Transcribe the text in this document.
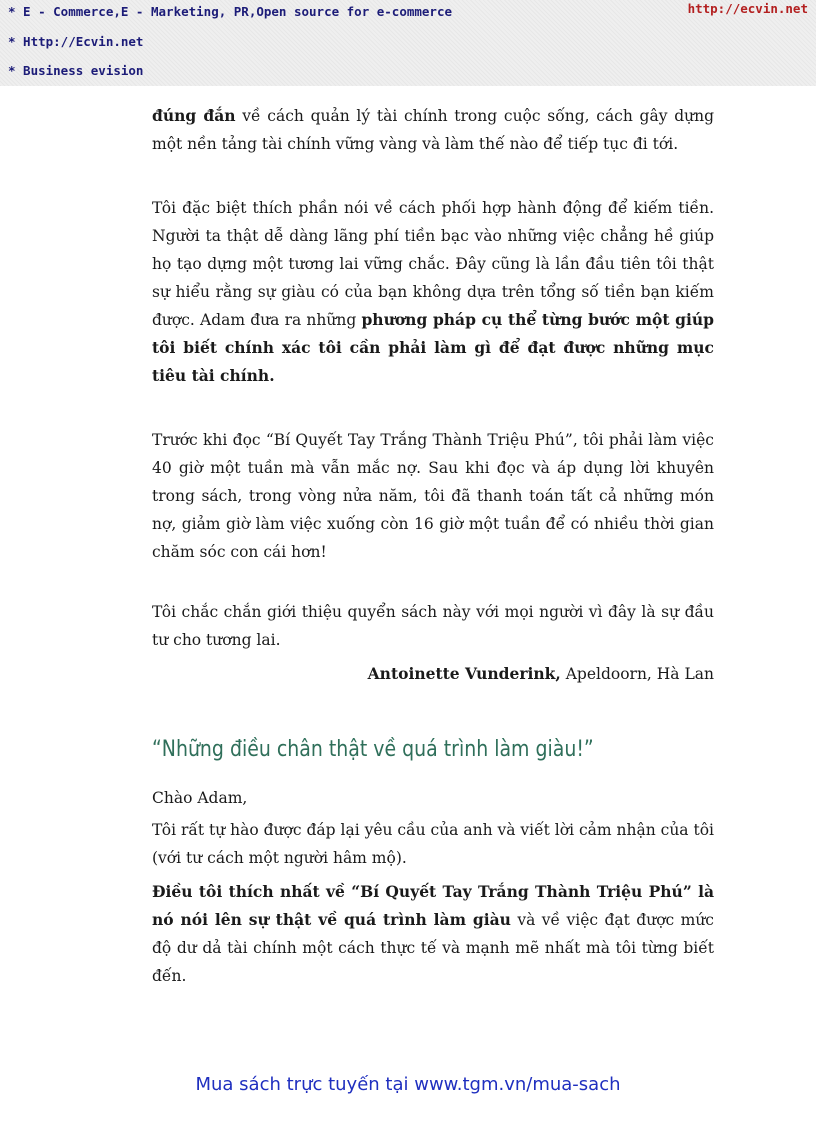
* E - Commerce,E - Marketing, PR,Open source for e-commerce
* Http://Ecvin.net
* Business evision
http://ecvin.net

đúng đắn về cách quản lý tài chính trong cuộc sống, cách gây dựng một nền tảng tài chính vững vàng và làm thế nào để tiếp tục đi tới.

Tôi đặc biệt thích phần nói về cách phối hợp hành động để kiếm tiền. Người ta thật dễ dàng lãng phí tiền bạc vào những việc chẳng hề giúp họ tạo dựng một tương lai vững chắc. Đây cũng là lần đầu tiên tôi thật sự hiểu rằng sự giàu có của bạn không dựa trên tổng số tiền bạn kiếm được. Adam đưa ra những phương pháp cụ thể từng bước một giúp tôi biết chính xác tôi cần phải làm gì để đạt được những mục tiêu tài chính.

Trước khi đọc “Bí Quyết Tay Trắng Thành Triệu Phú”, tôi phải làm việc 40 giờ một tuần mà vẫn mắc nợ. Sau khi đọc và áp dụng lời khuyên trong sách, trong vòng nửa năm, tôi đã thanh toán tất cả những món nợ, giảm giờ làm việc xuống còn 16 giờ một tuần để có nhiều thời gian chăm sóc con cái hơn!

Tôi chắc chắn giới thiệu quyển sách này với mọi người vì đây là sự đầu tư cho tương lai.

Antoinette Vunderink, Apeldoorn, Hà Lan
“Những điều chân thật về quá trình làm giàu!”

Chào Adam,

Tôi rất tự hào được đáp lại yêu cầu của anh và viết lời cảm nhận của tôi (với tư cách một người hâm mộ).

Điều tôi thích nhất về “Bí Quyết Tay Trắng Thành Triệu Phú” là nó nói lên sự thật về quá trình làm giàu và về việc đạt được mức độ dư dả tài chính một cách thực tế và mạnh mẽ nhất mà tôi từng biết đến.

Mua sách trực tuyến tại www.tgm.vn/mua-sach
